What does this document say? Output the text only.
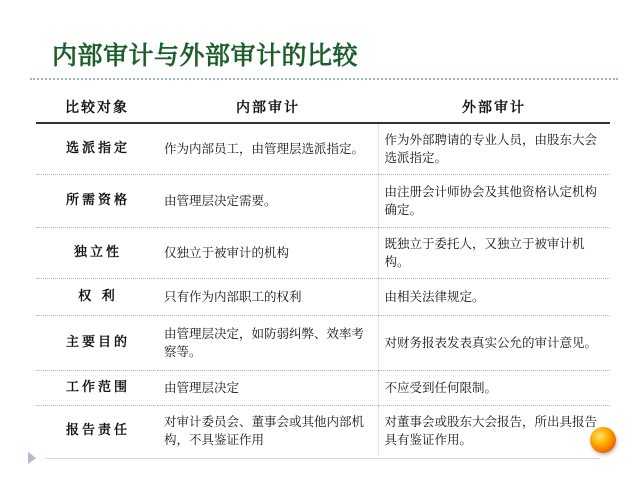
内部审计与外部审计的比较
比较对象	内部审计	外部审计
选派指定	作为内部员工，由管理层选派指定。	作为外部聘请的专业人员，由股东大会选派指定。
所需资格	由管理层决定需要。	由注册会计师协会及其他资格认定机构确定。
独立性	仅独立于被审计的机构	既独立于委托人，又独立于被审计机构。
权 利	只有作为内部职工的权利	由相关法律规定。
主要目的	由管理层决定，如防弱纠弊、效率考察等。	对财务报表发表真实公允的审计意见。
工作范围	由管理层决定	不应受到任何限制。
报告责任	对审计委员会、董事会或其他内部机构，不具鉴证作用	对董事会或股东大会报告，所出具报告具有鉴证作用。
